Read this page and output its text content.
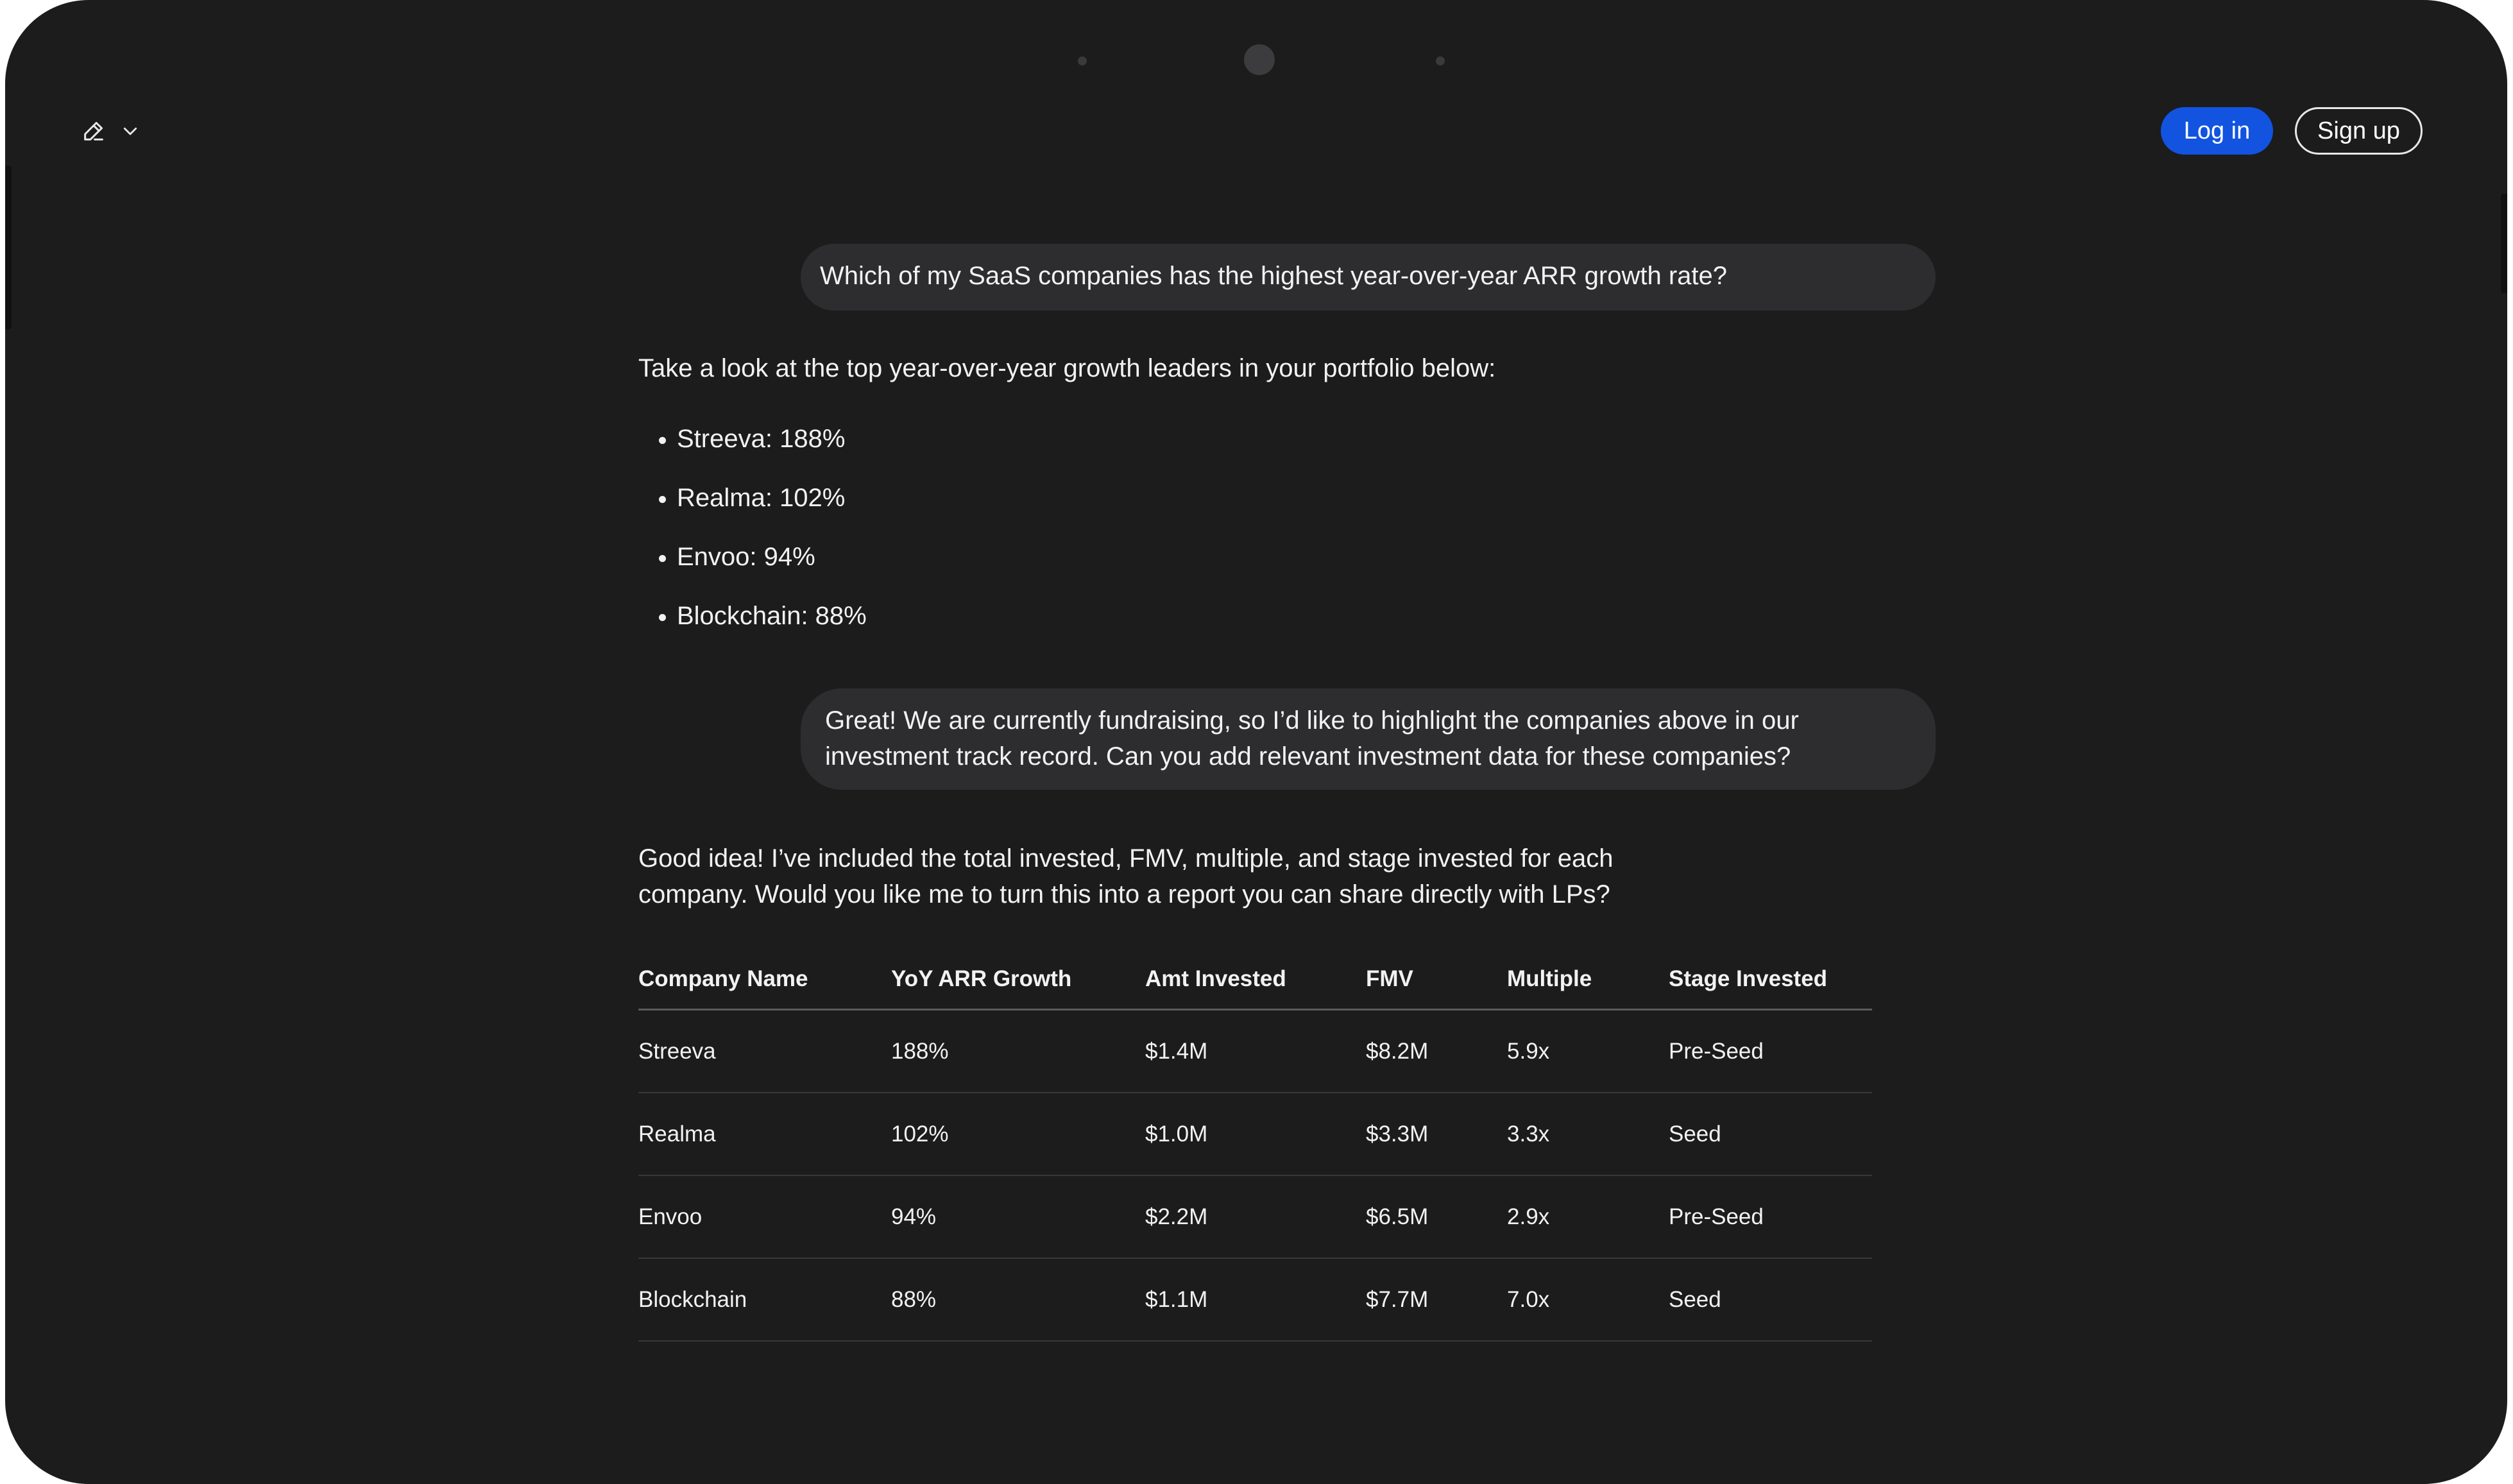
Log in	Sign up
Which of my SaaS companies has the highest year-over-year ARR growth rate?
Take a look at the top year-over-year growth leaders in your portfolio below:
Streeva: 188%
Realma: 102%
Envoo: 94%
Blockchain: 88%
Great! We are currently fundraising, so I’d like to highlight the companies above in our investment track record. Can you add relevant investment data for these companies?
Good idea! I’ve included the total invested, FMV, multiple, and stage invested for each company. Would you like me to turn this into a report you can share directly with LPs?
Company Name	YoY ARR Growth	Amt Invested	FMV	Multiple	Stage Invested
Streeva	188%	$1.4M	$8.2M	5.9x	Pre-Seed
Realma	102%	$1.0M	$3.3M	3.3x	Seed
Envoo	94%	$2.2M	$6.5M	2.9x	Pre-Seed
Blockchain	88%	$1.1M	$7.7M	7.0x	Seed
